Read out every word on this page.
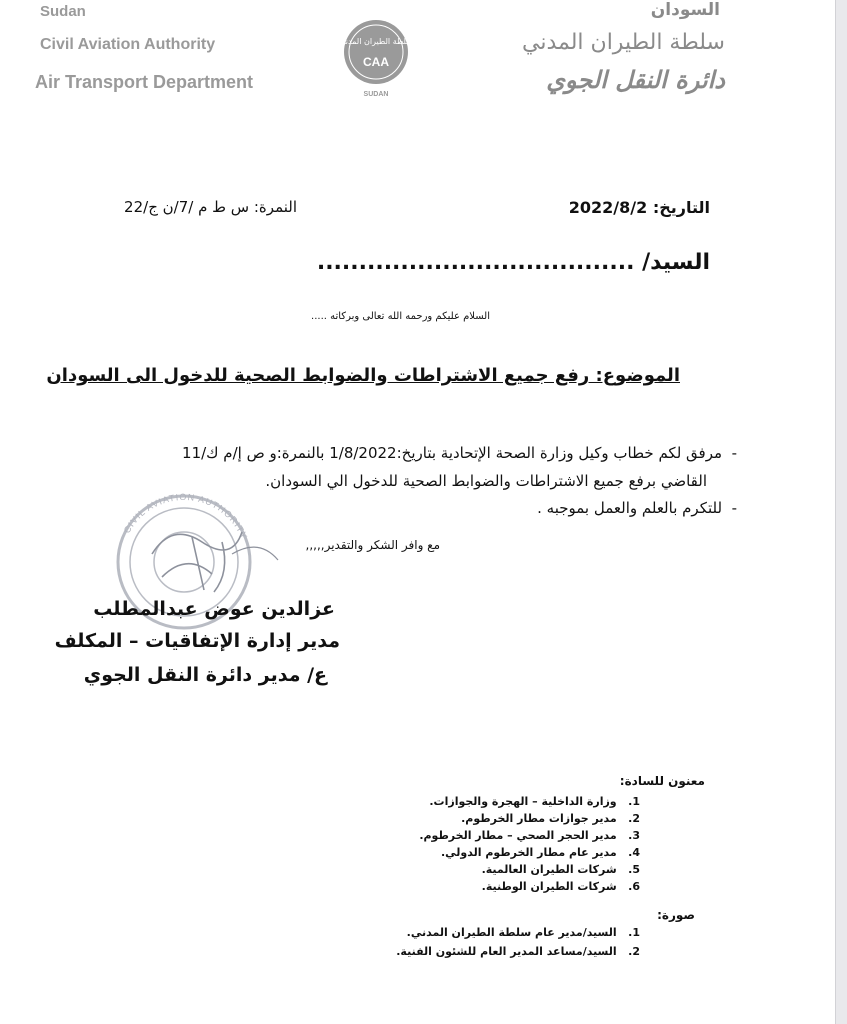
Sudan
Civil Aviation Authority
Air Transport Department
سلطة الطيران المدني
CAA
SUDAN
السودان
سلطة الطيران المدني
دائرة النقل الجوي
التاريخ: 2022/8/2
النمرة: س ط م /7/ن ج/22
السيد/ ......................................
السلام عليكم ورحمه الله تعالى وبركاته .....
الموضوع: رفع جميع الاشتراطات والضوابط الصحية للدخول الى السودان
-  مرفق لكم خطاب وكيل وزارة الصحة الإتحادية بتاريخ:1/8/2022 بالنمرة:و ص إ/م ك/11
القاضي برفع جميع الاشتراطات والضوابط الصحية للدخول الي السودان.
-  للتكرم بالعلم والعمل بموجبه .
مع وافر الشكر والتقدير,,,,,
CIVIL AVIATION AUTHORITY
عزالدين عوض عبدالمطلب
مدير إدارة الإتفاقيات – المكلف
ع/ مدير دائرة النقل الجوي
معنون للسادة:
1.   وزارة الداخلية – الهجرة والجوازات.
2.   مدير جوازات مطار الخرطوم.
3.   مدير الحجر الصحي – مطار الخرطوم.
4.   مدير عام مطار الخرطوم الدولي.
5.   شركات الطيران العالمية.
6.   شركات الطيران الوطنية.
صورة:
1.   السيد/مدير عام سلطة الطيران المدني.
2.   السيد/مساعد المدير العام للشئون الفنية.
